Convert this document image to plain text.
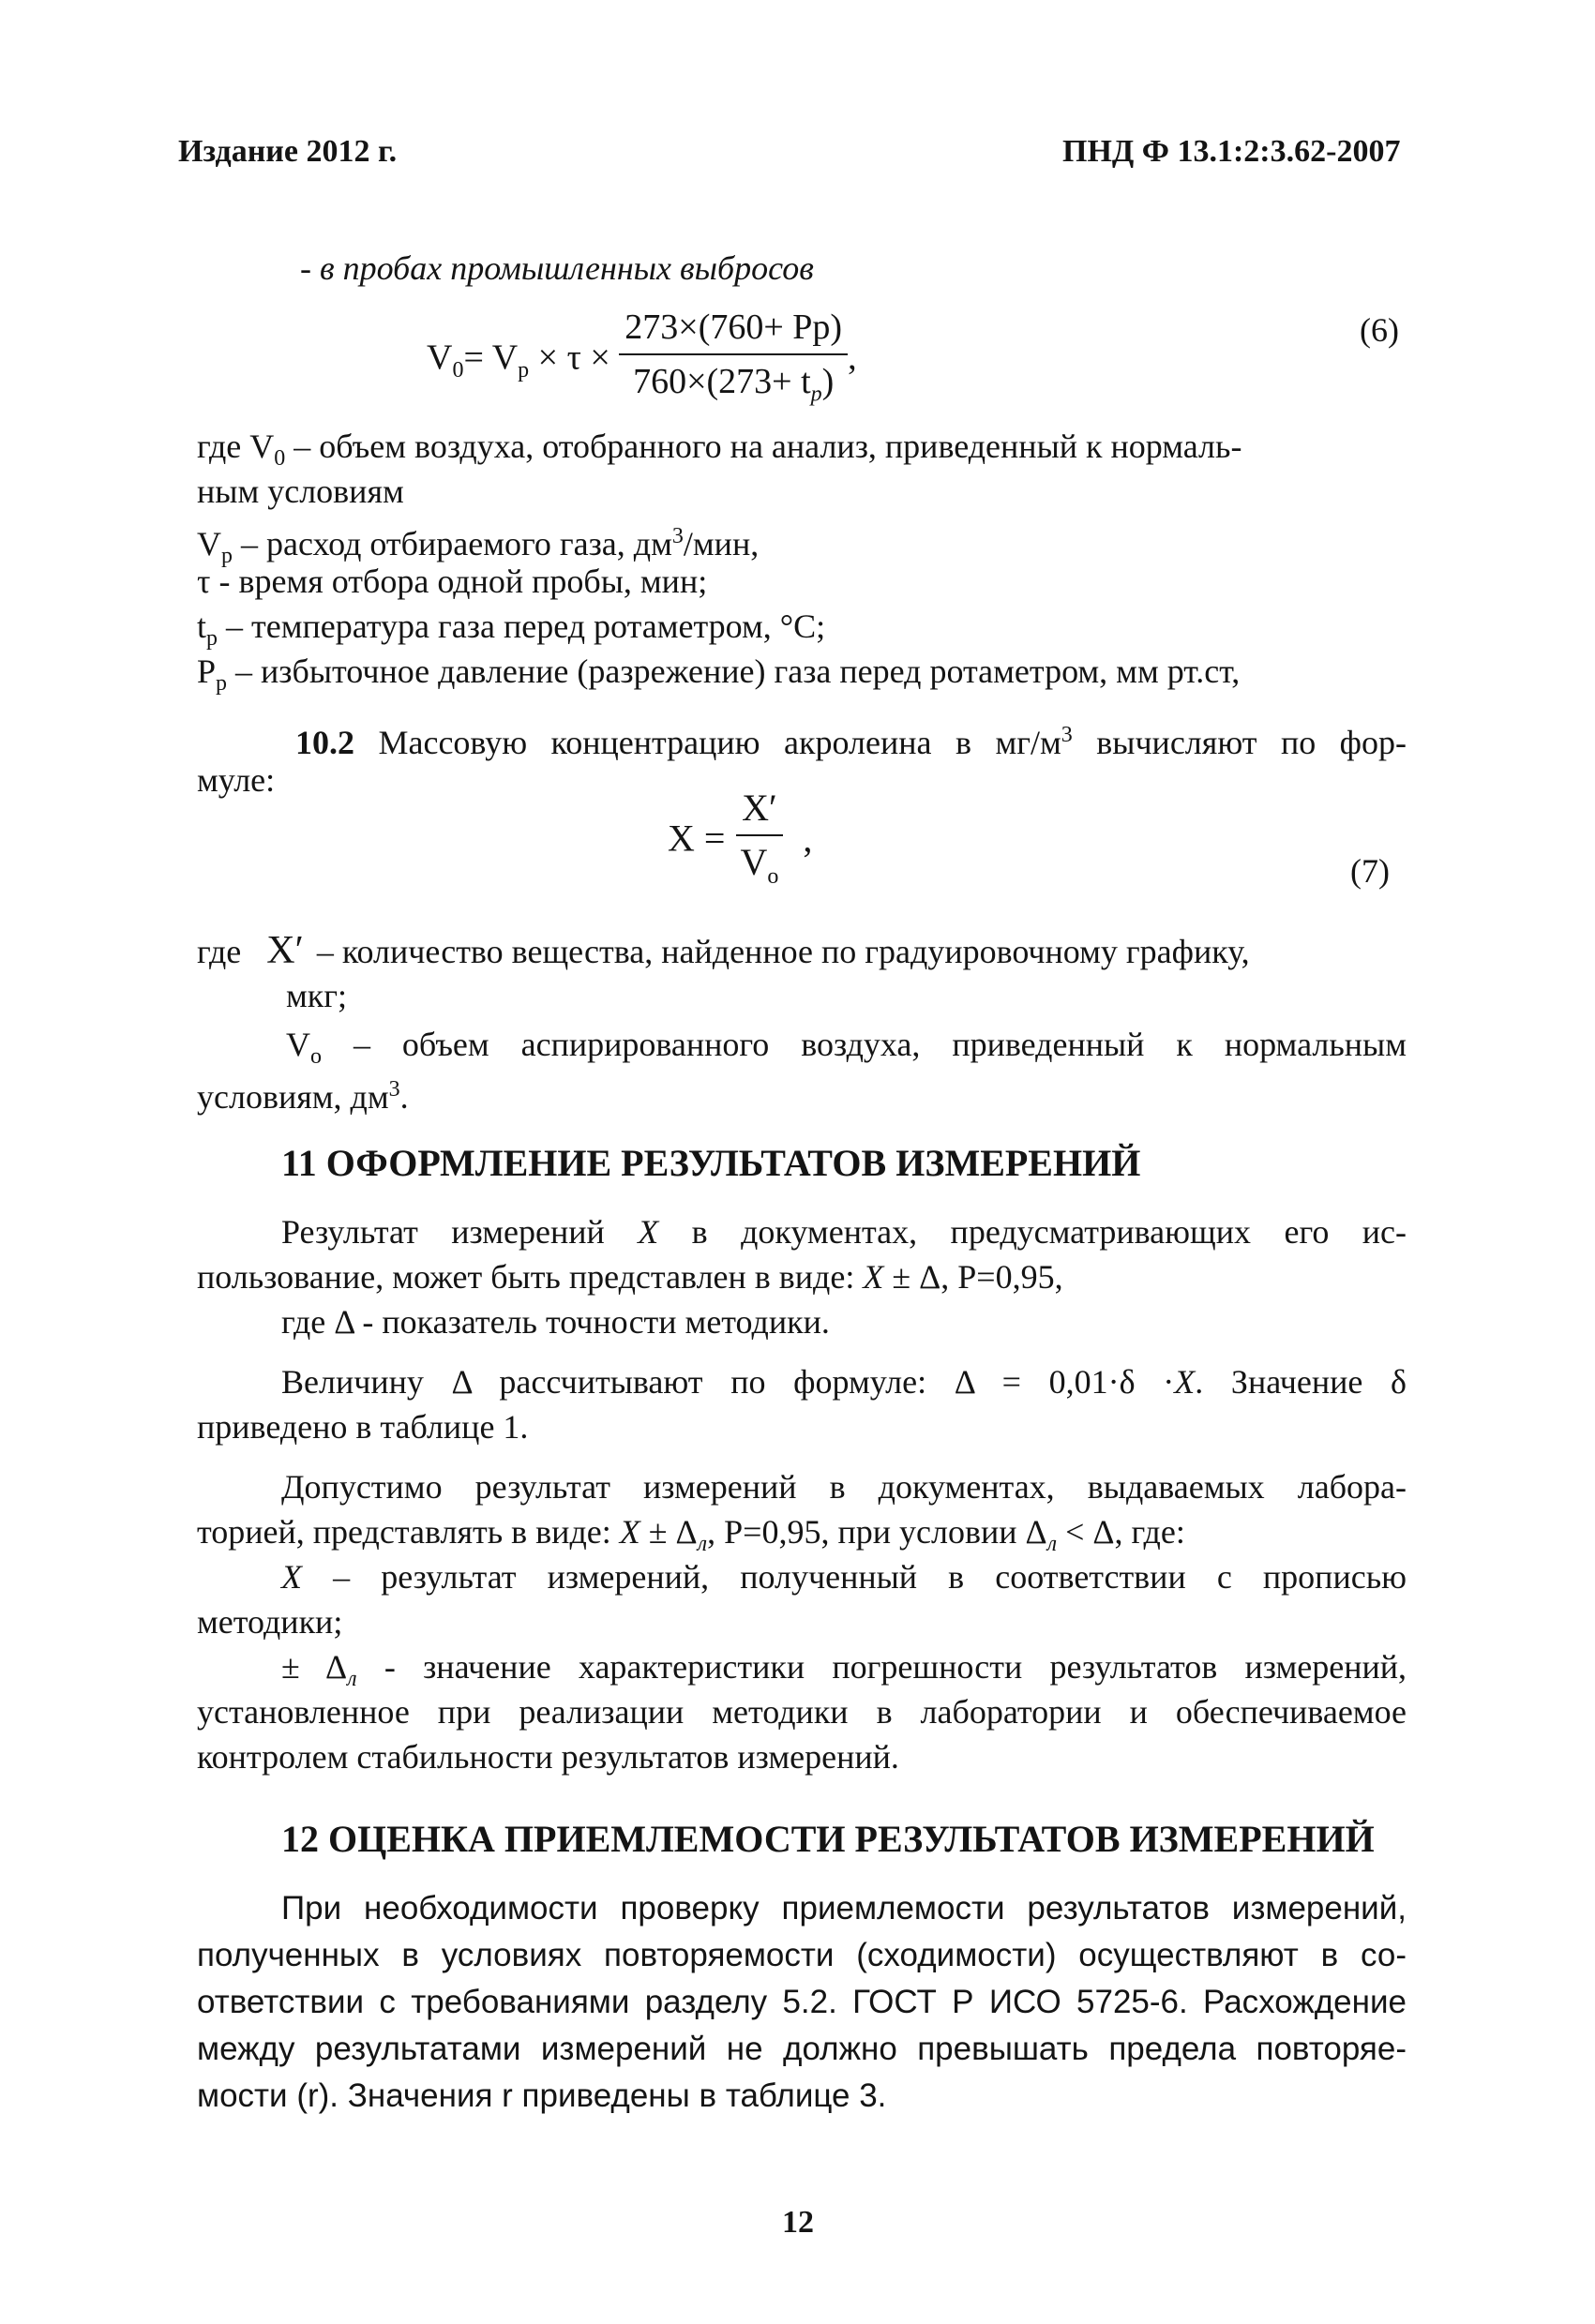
Издание 2012 г.	ПНД Ф 13.1:2:3.62-2007
- в пробах промышленных выбросов
$V_0= V_р \times \tau \times \frac{273\times(760+ Pp)}{760\times(273+ t_p)}$ ,
(6)
где $V_0$ – объем воздуха, отобранного на анализ, приведенный к нормаль-
ным условиям
$V_р$ – расход отбираемого газа, $дм^3$/мин,
τ - время отбора одной пробы, мин;
$t_р$ – температура газа перед ротаметром, °С;
$Р_р$ – избыточное давление (разрежение) газа перед ротаметром, мм рт.ст,
10.2 Массовую концентрацию акролеина в $мг/м^3$ вычисляют по фор-
муле:
$X = \frac{X'}{V_o}$ ,
(7)
где X′ – количество вещества, найденное по градуировочному графику,
мкг;
$V_o$ – объем аспирированного воздуха, приведенный к нормальным
условиям, $дм^3$.
11 ОФОРМЛЕНИЕ РЕЗУЛЬТАТОВ ИЗМЕРЕНИЙ
Результат измерений X в документах, предусматривающих его ис-
пользование, может быть представлен в виде: X ± Δ, Р=0,95,
где Δ - показатель точности методики.
Величину Δ рассчитывают по формуле: Δ = 0,01·δ ·X. Значение δ
приведено в таблице 1.
Допустимо результат измерений в документах, выдаваемых лабора-
торией, представлять в виде: $X \pm \Delta_л$, Р=0,95, при условии $\Delta_л < \Delta$, где:
X – результат измерений, полученный в соответствии с прописью
методики;
± $\Delta_л$ - значение характеристики погрешности результатов измерений,
установленное при реализации методики в лаборатории и обеспечиваемое
контролем стабильности результатов измерений.
12 ОЦЕНКА ПРИЕМЛЕМОСТИ РЕЗУЛЬТАТОВ ИЗМЕРЕНИЙ
При необходимости проверку приемлемости результатов измерений,
полученных в условиях повторяемости (сходимости) осуществляют в со-
ответствии с требованиями разделу 5.2. ГОСТ Р ИСО 5725-6. Расхождение
между результатами измерений не должно превышать предела повторяе-
мости (r). Значения r приведены в таблице 3.
12
